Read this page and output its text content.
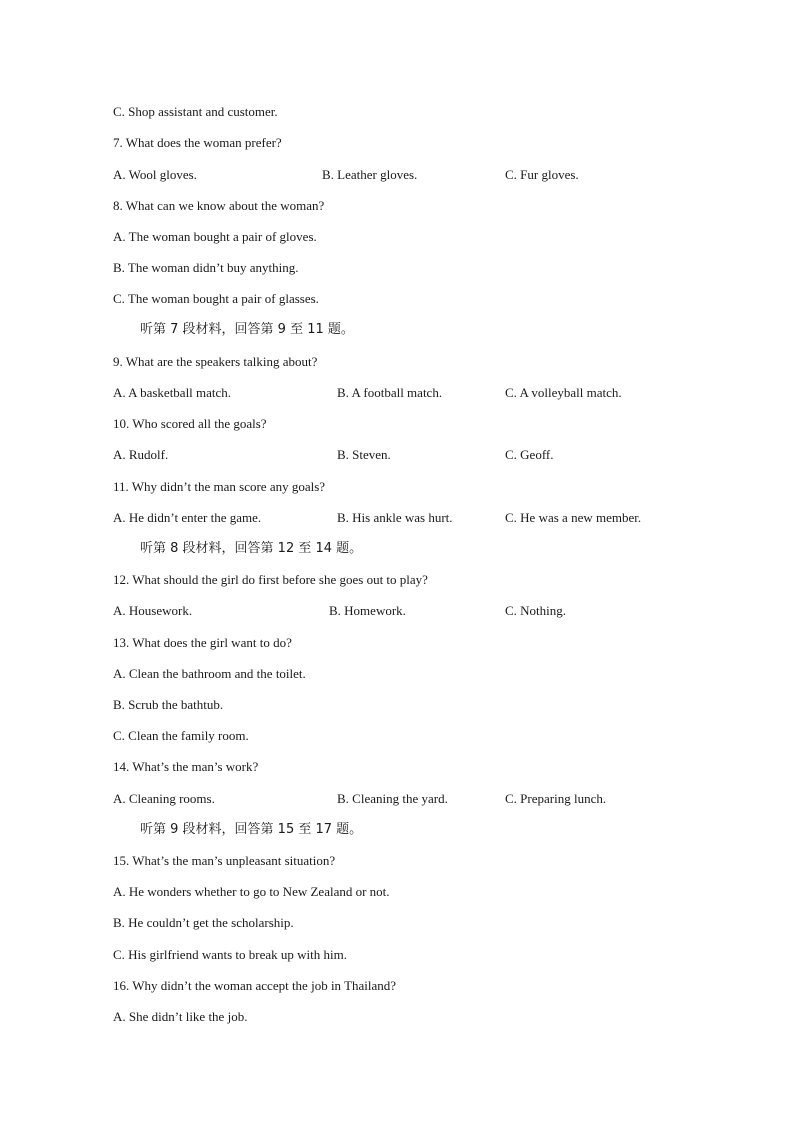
C. Shop assistant and customer.
7. What does the woman prefer?
A. Wool gloves.	B. Leather gloves.	C. Fur gloves.
8. What can we know about the woman?
A. The woman bought a pair of gloves.
B. The woman didn’t buy anything.
C. The woman bought a pair of glasses.
听第 7 段材料，回答第 9 至 11 题。
9. What are the speakers talking about?
A. A basketball match.	B. A football match.	C. A volleyball match.
10. Who scored all the goals?
A. Rudolf.	B. Steven.	C. Geoff.
11. Why didn’t the man score any goals?
A. He didn’t enter the game.	B. His ankle was hurt.	C. He was a new member.
听第 8 段材料，回答第 12 至 14 题。
12. What should the girl do first before she goes out to play?
A. Housework.	B. Homework.	C. Nothing.
13. What does the girl want to do?
A. Clean the bathroom and the toilet.
B. Scrub the bathtub.
C. Clean the family room.
14. What’s the man’s work?
A. Cleaning rooms.	B. Cleaning the yard.	C. Preparing lunch.
听第 9 段材料，回答第 15 至 17 题。
15. What’s the man’s unpleasant situation?
A. He wonders whether to go to New Zealand or not.
B. He couldn’t get the scholarship.
C. His girlfriend wants to break up with him.
16. Why didn’t the woman accept the job in Thailand?
A. She didn’t like the job.
